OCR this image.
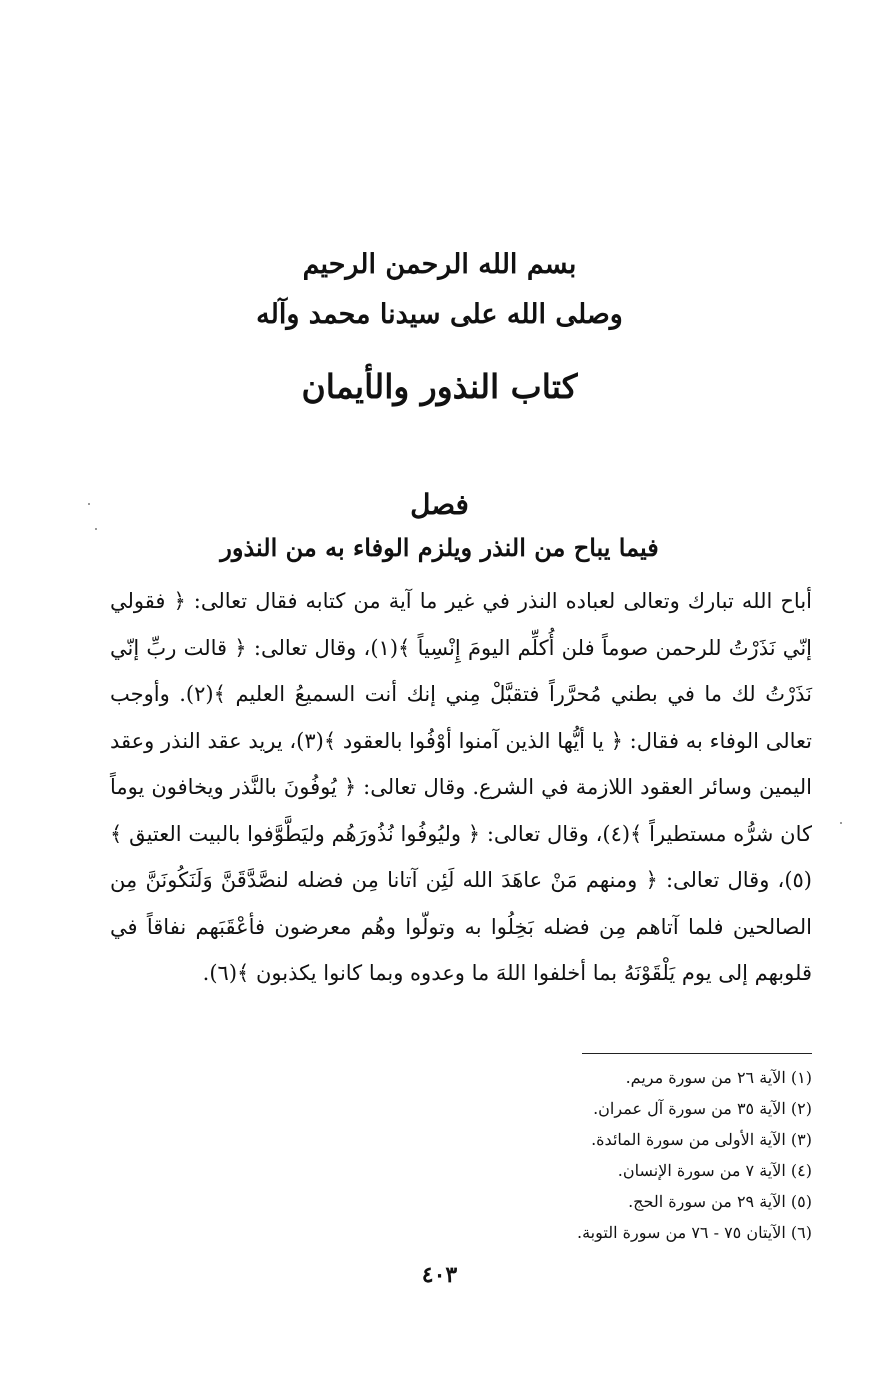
بسم الله الرحمن الرحيم
وصلى الله على سيدنا محمد وآله
كتاب النذور والأيمان
فصل
فيما يباح من النذر ويلزم الوفاء به من النذور

أباح الله تبارك وتعالى لعباده النذر في غير ما آية من كتابه فقال تعالى: ﴿ فقولي إنّي نَذَرْتُ للرحمن صوماً فلن أُكلِّم اليومَ إِنْسِياً ﴾(١)، وقال تعالى: ﴿ قالت ربِّ إنّي نَذَرْتُ لك ما في بطني مُحرَّراً فتقبَّلْ مِني إنك أنت السميعُ العليم ﴾(٢). وأوجب تعالى الوفاء به فقال: ﴿ يا أيُّها الذين آمنوا أوْفُوا بالعقود ﴾(٣)، يريد عقد النذر وعقد اليمين وسائر العقود اللازمة في الشرع. وقال تعالى: ﴿ يُوفُونَ بالنَّذر ويخافون يوماً كان شرُّه مستطيراً ﴾(٤)، وقال تعالى: ﴿ وليُوفُوا نُذُورَهُم وليَطَّوَّفوا بالبيت العتيق ﴾(٥)، وقال تعالى: ﴿ ومنهم مَنْ عاهَدَ الله لَئِن آتانا مِن فضله لنصَّدَّقَنَّ وَلَنَكُونَنَّ مِن الصالحين فلما آتاهم مِن فضله بَخِلُوا به وتولّوا وهُم معرضون فأعْقَبَهم نفاقاً في قلوبهم إلى يوم يَلْقَوْنَهُ بما أخلفوا اللهَ ما وعدوه وبما كانوا يكذبون ﴾(٦).

(١) الآية ٢٦ من سورة مريم.
(٢) الآية ٣٥ من سورة آل عمران.
(٣) الآية الأولى من سورة المائدة.
(٤) الآية ٧ من سورة الإنسان.
(٥) الآية ٢٩ من سورة الحج.
(٦) الآيتان ٧٥ - ٧٦ من سورة التوبة.
٤٠٣
